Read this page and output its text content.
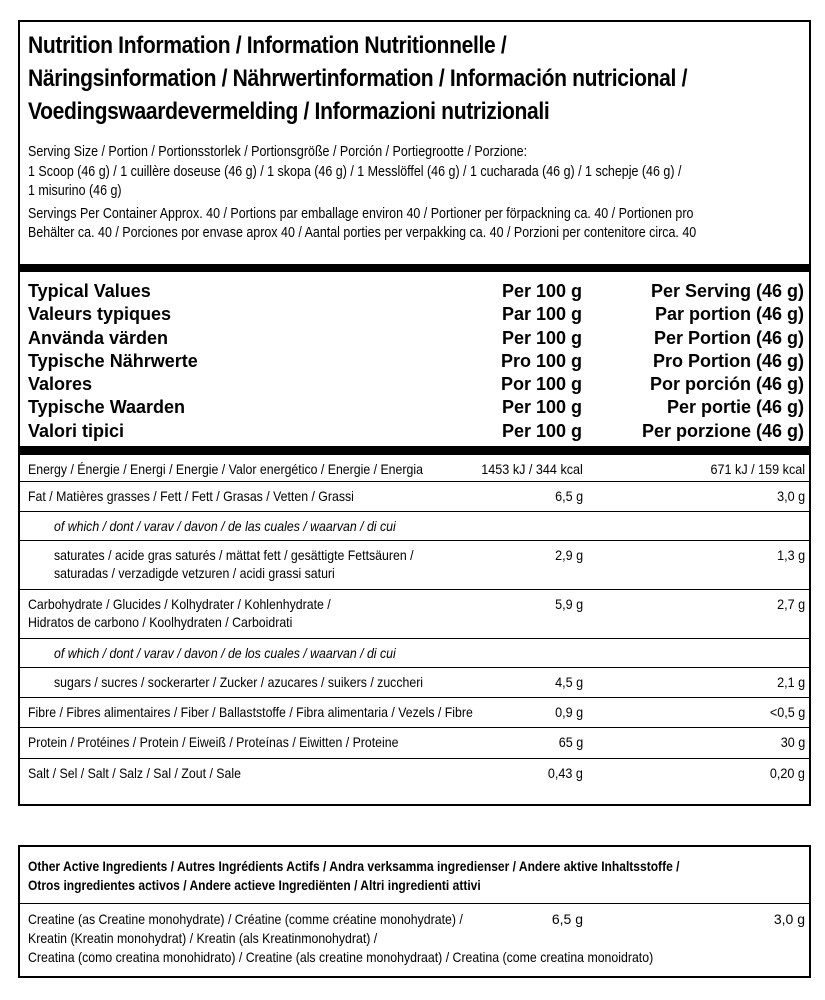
Nutrition Information / Information Nutritionnelle /
Näringsinformation / Nährwertinformation / Información nutricional /
Voedingswaardevermelding / Informazioni nutrizionali
Serving Size / Portion / Portionsstorlek / Portionsgröße / Porción / Portiegrootte / Porzione:
1 Scoop (46 g) / 1 cuillère doseuse (46 g) / 1 skopa (46 g) / 1 Messlöffel (46 g) / 1 cucharada (46 g) / 1 schepje (46 g) /
1 misurino (46 g)
Servings Per Container Approx. 40 / Portions par emballage environ 40 / Portioner per förpackning ca. 40 / Portionen pro
Behälter ca. 40 / Porciones por envase aprox 40 / Aantal porties per verpakking ca. 40 / Porzioni per contenitore circa. 40
Typical Values	Per 100 g	Per Serving (46 g)
Valeurs typiques	Par 100 g	Par portion (46 g)
Använda värden	Per 100 g	Per Portion (46 g)
Typische Nährwerte	Pro 100 g	Pro Portion (46 g)
Valores	Por 100 g	Por porción (46 g)
Typische Waarden	Per 100 g	Per portie (46 g)
Valori tipici	Per 100 g	Per porzione (46 g)
Energy / Énergie / Energi / Energie / Valor energético / Energie / Energia	1453 kJ / 344 kcal	671 kJ / 159 kcal
Fat / Matières grasses / Fett / Fett / Grasas / Vetten / Grassi	6,5 g	3,0 g
of which / dont / varav / davon / de las cuales / waarvan / di cui
saturates / acide gras saturés / mättat fett / gesättigte Fettsäuren /
saturadas / verzadigde vetzuren / acidi grassi saturi
2,9 g	1,3 g
Carbohydrate / Glucides / Kolhydrater / Kohlenhydrate /
Hidratos de carbono / Koolhydraten / Carboidrati
5,9 g	2,7 g
of which / dont / varav / davon / de los cuales / waarvan / di cui
sugars / sucres / sockerarter / Zucker / azucares / suikers / zuccheri	4,5 g	2,1 g
Fibre / Fibres alimentaires / Fiber / Ballaststoffe / Fibra alimentaria / Vezels / Fibre	0,9 g	<0,5 g
Protein / Protéines / Protein / Eiweiß / Proteínas / Eiwitten / Proteine	65 g	30 g
Salt / Sel / Salt / Salz / Sal / Zout / Sale	0,43 g	0,20 g
Other Active Ingredients / Autres Ingrédients Actifs / Andra verksamma ingredienser / Andere aktive Inhaltsstoffe /
Otros ingredientes activos / Andere actieve Ingrediënten / Altri ingredienti attivi
Creatine (as Creatine monohydrate) / Créatine (comme créatine monohydrate) /
Kreatin (Kreatin monohydrat) / Kreatin (als Kreatinmonohydrat) /
Creatina (como creatina monohidrato) / Creatine (als creatine monohydraat) / Creatina (come creatina monoidrato)
6,5 g	3,0 g
